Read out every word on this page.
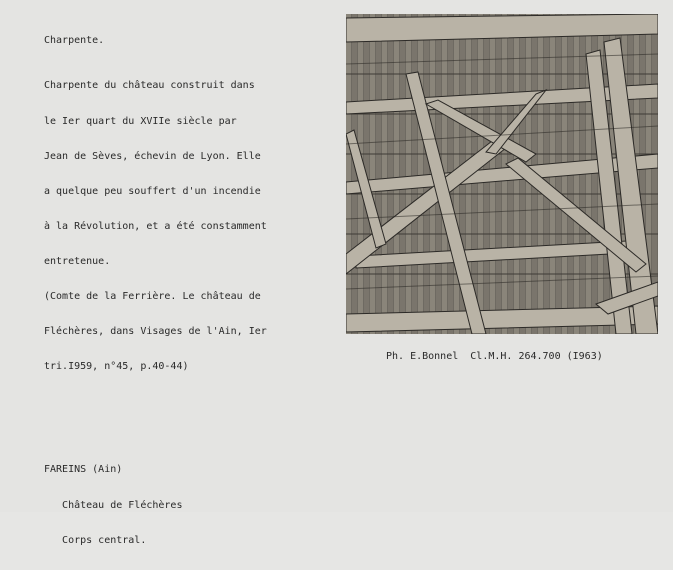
Charpente.

Charpente du château construit dans

le Ier quart du XVIIe siècle par

Jean de Sèves, échevin de Lyon. Elle

a quelque peu souffert d'un incendie

à la Révolution, et a été constamment

entretenue.

(Comte de la Ferrière. Le château de

Fléchères, dans Visages de l'Ain, Ier

tri.I959, n°45, p.40-44)

Ph. E.Bonnel  Cl.M.H. 264.700 (I963)

FAREINS (Ain)

Château de Fléchères

Corps central.
